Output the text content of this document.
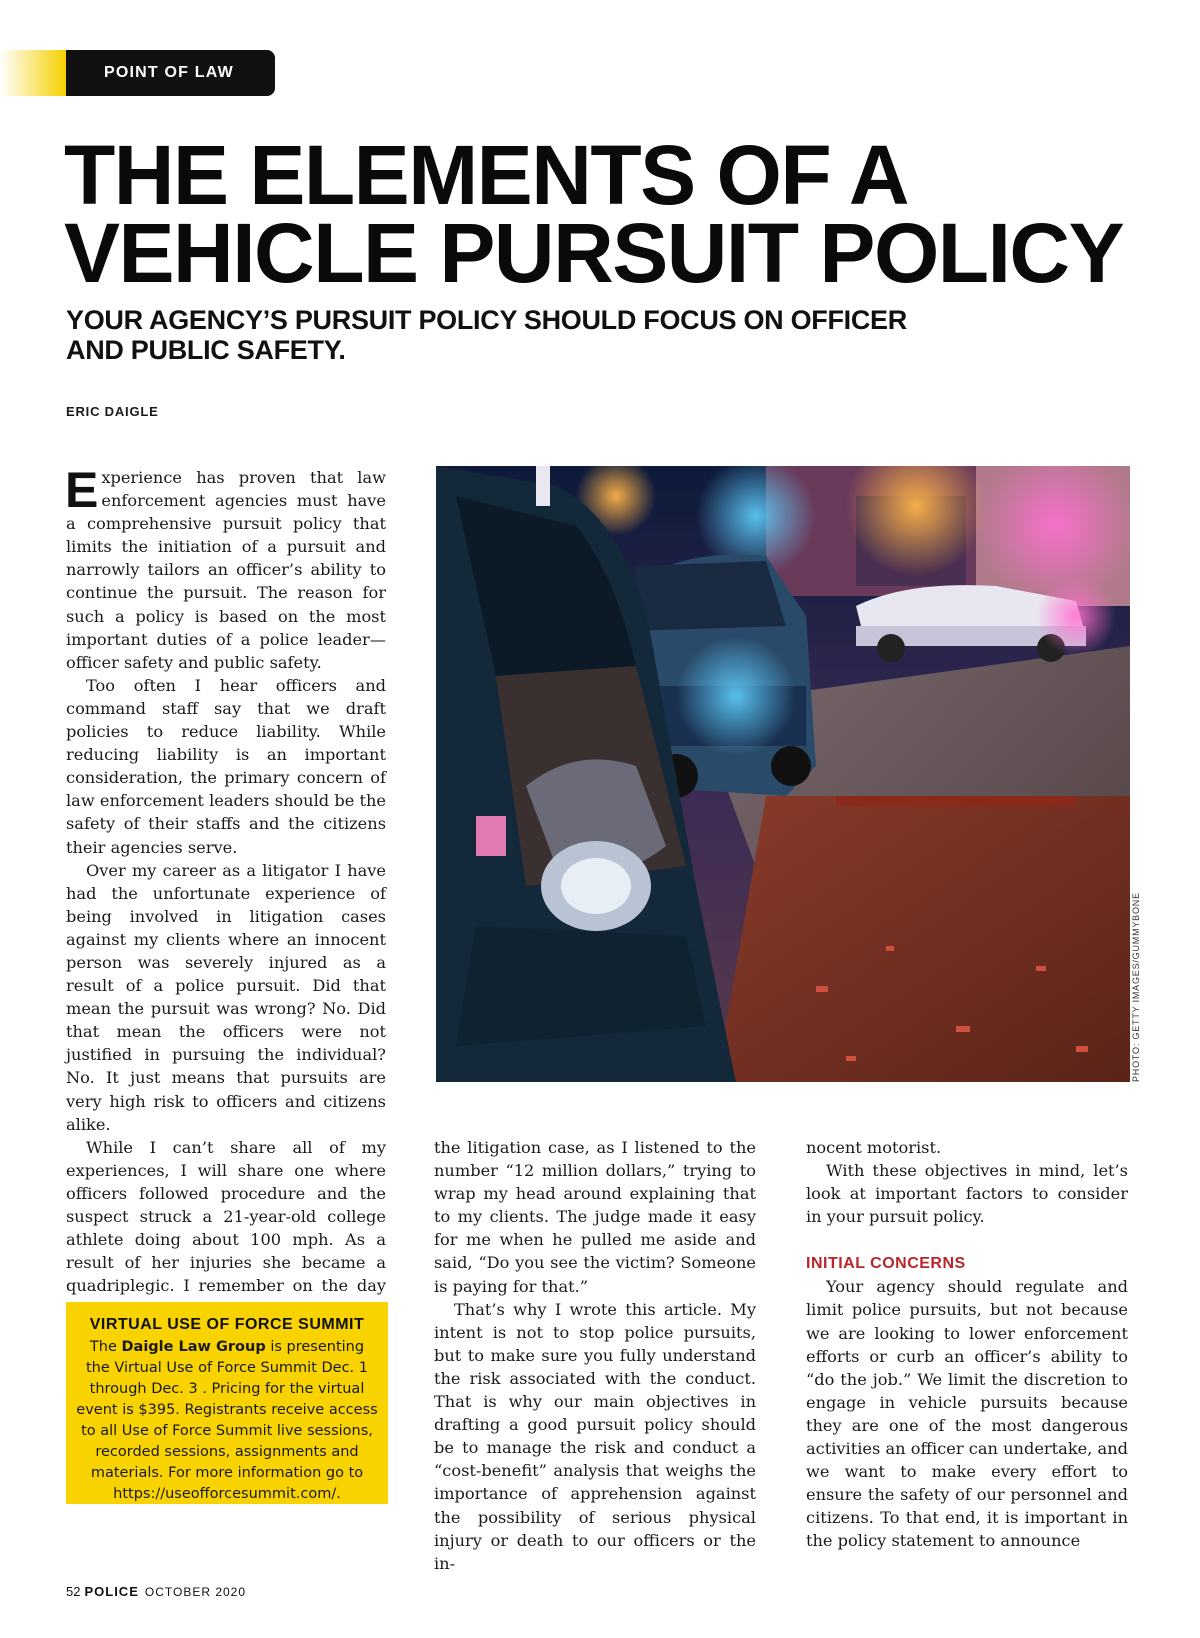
POINT OF LAW
THE ELEMENTS OF A
VEHICLE PURSUIT POLICY
YOUR AGENCY’S PURSUIT POLICY SHOULD FOCUS ON OFFICER
AND PUBLIC SAFETY.
ERIC DAIGLE

Experience has proven that law enforcement agencies must have a comprehensive pursuit policy that limits the initiation of a pursuit and narrowly tailors an officer’s ability to continue the pursuit. The reason for such a policy is based on the most important duties of a police leader—officer safety and public safety.

Too often I hear officers and command staff say that we draft policies to reduce liability. While reducing liability is an important consideration, the primary concern of law enforcement leaders should be the safety of their staffs and the citizens their agencies serve.

Over my career as a litigator I have had the unfortunate experience of being involved in litigation cases against my clients where an innocent person was severely injured as a result of a police pursuit. Did that mean the pursuit was wrong? No. Did that mean the officers were not justified in pursuing the individual? No. It just means that pursuits are very high risk to officers and citizens alike.

While I can’t share all of my experiences, I will share one where officers followed procedure and the suspect struck a 21-year-old college athlete doing about 100 mph. As a result of her injuries she became a quadriplegic. I remember on the day

PHOTO: GETTY IMAGES/GUMMYBONE

the litigation case, as I listened to the number “12 million dollars,” trying to wrap my head around explaining that to my clients. The judge made it easy for me when he pulled me aside and said, “Do you see the victim? Someone is paying for that.”

That’s why I wrote this article. My intent is not to stop police pursuits, but to make sure you fully understand the risk associated with the conduct. That is why our main objectives in drafting a good pursuit policy should be to manage the risk and conduct a “cost-benefit” analysis that weighs the importance of apprehension against the possibility of serious physical injury or death to our officers or the in-

nocent motorist.

With these objectives in mind, let’s look at important factors to consider in your pursuit policy.

INITIAL CONCERNS

Your agency should regulate and limit police pursuits, but not because we are looking to lower enforcement efforts or curb an officer’s ability to “do the job.” We limit the discretion to engage in vehicle pursuits because they are one of the most dangerous activities an officer can undertake, and we want to make every effort to ensure the safety of our personnel and citizens. To that end, it is important in the policy statement to announce

VIRTUAL USE OF FORCE SUMMIT
The Daigle Law Group is presenting the Virtual Use of Force Summit Dec. 1 through Dec. 3 . Pricing for the virtual event is $395. Registrants receive access to all Use of Force Summit live sessions, recorded sessions, assignments and materials. For more information go to https://useofforcesummit.com/.
52 POLICE OCTOBER 2020
